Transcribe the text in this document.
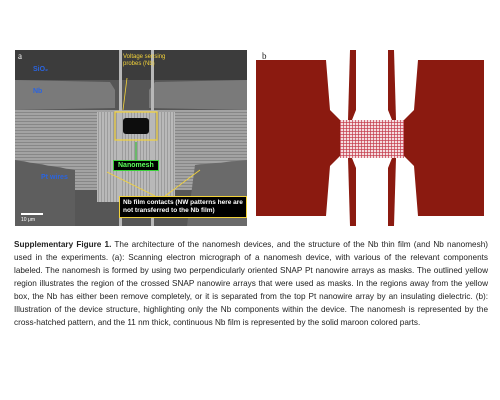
a
SiO₂
Nb
Pt wires
Voltage sensing probes (Nb)
Nanomesh
Nb film contacts (NW patterns here are not transferred to the Nb film)
10 μm
b
Supplementary Figure 1. The architecture of the nanomesh devices, and the structure of the Nb thin film (and Nb nanomesh) used in the experiments. (a): Scanning electron micrograph of a nanomesh device, with various of the relevant components labeled. The nanomesh is formed by using two perpendicularly oriented SNAP Pt nanowire arrays as masks. The outlined yellow region illustrates the region of the crossed SNAP nanowire arrays that were used as masks. In the regions away from the yellow box, the Nb has either been remove completely, or it is separated from the top Pt nanowire array by an insulating dielectric. (b): Illustration of the device structure, highlighting only the Nb components within the device. The nanomesh is represented by the cross-hatched pattern, and the 11 nm thick, continuous Nb film is represented by the solid maroon colored parts.
